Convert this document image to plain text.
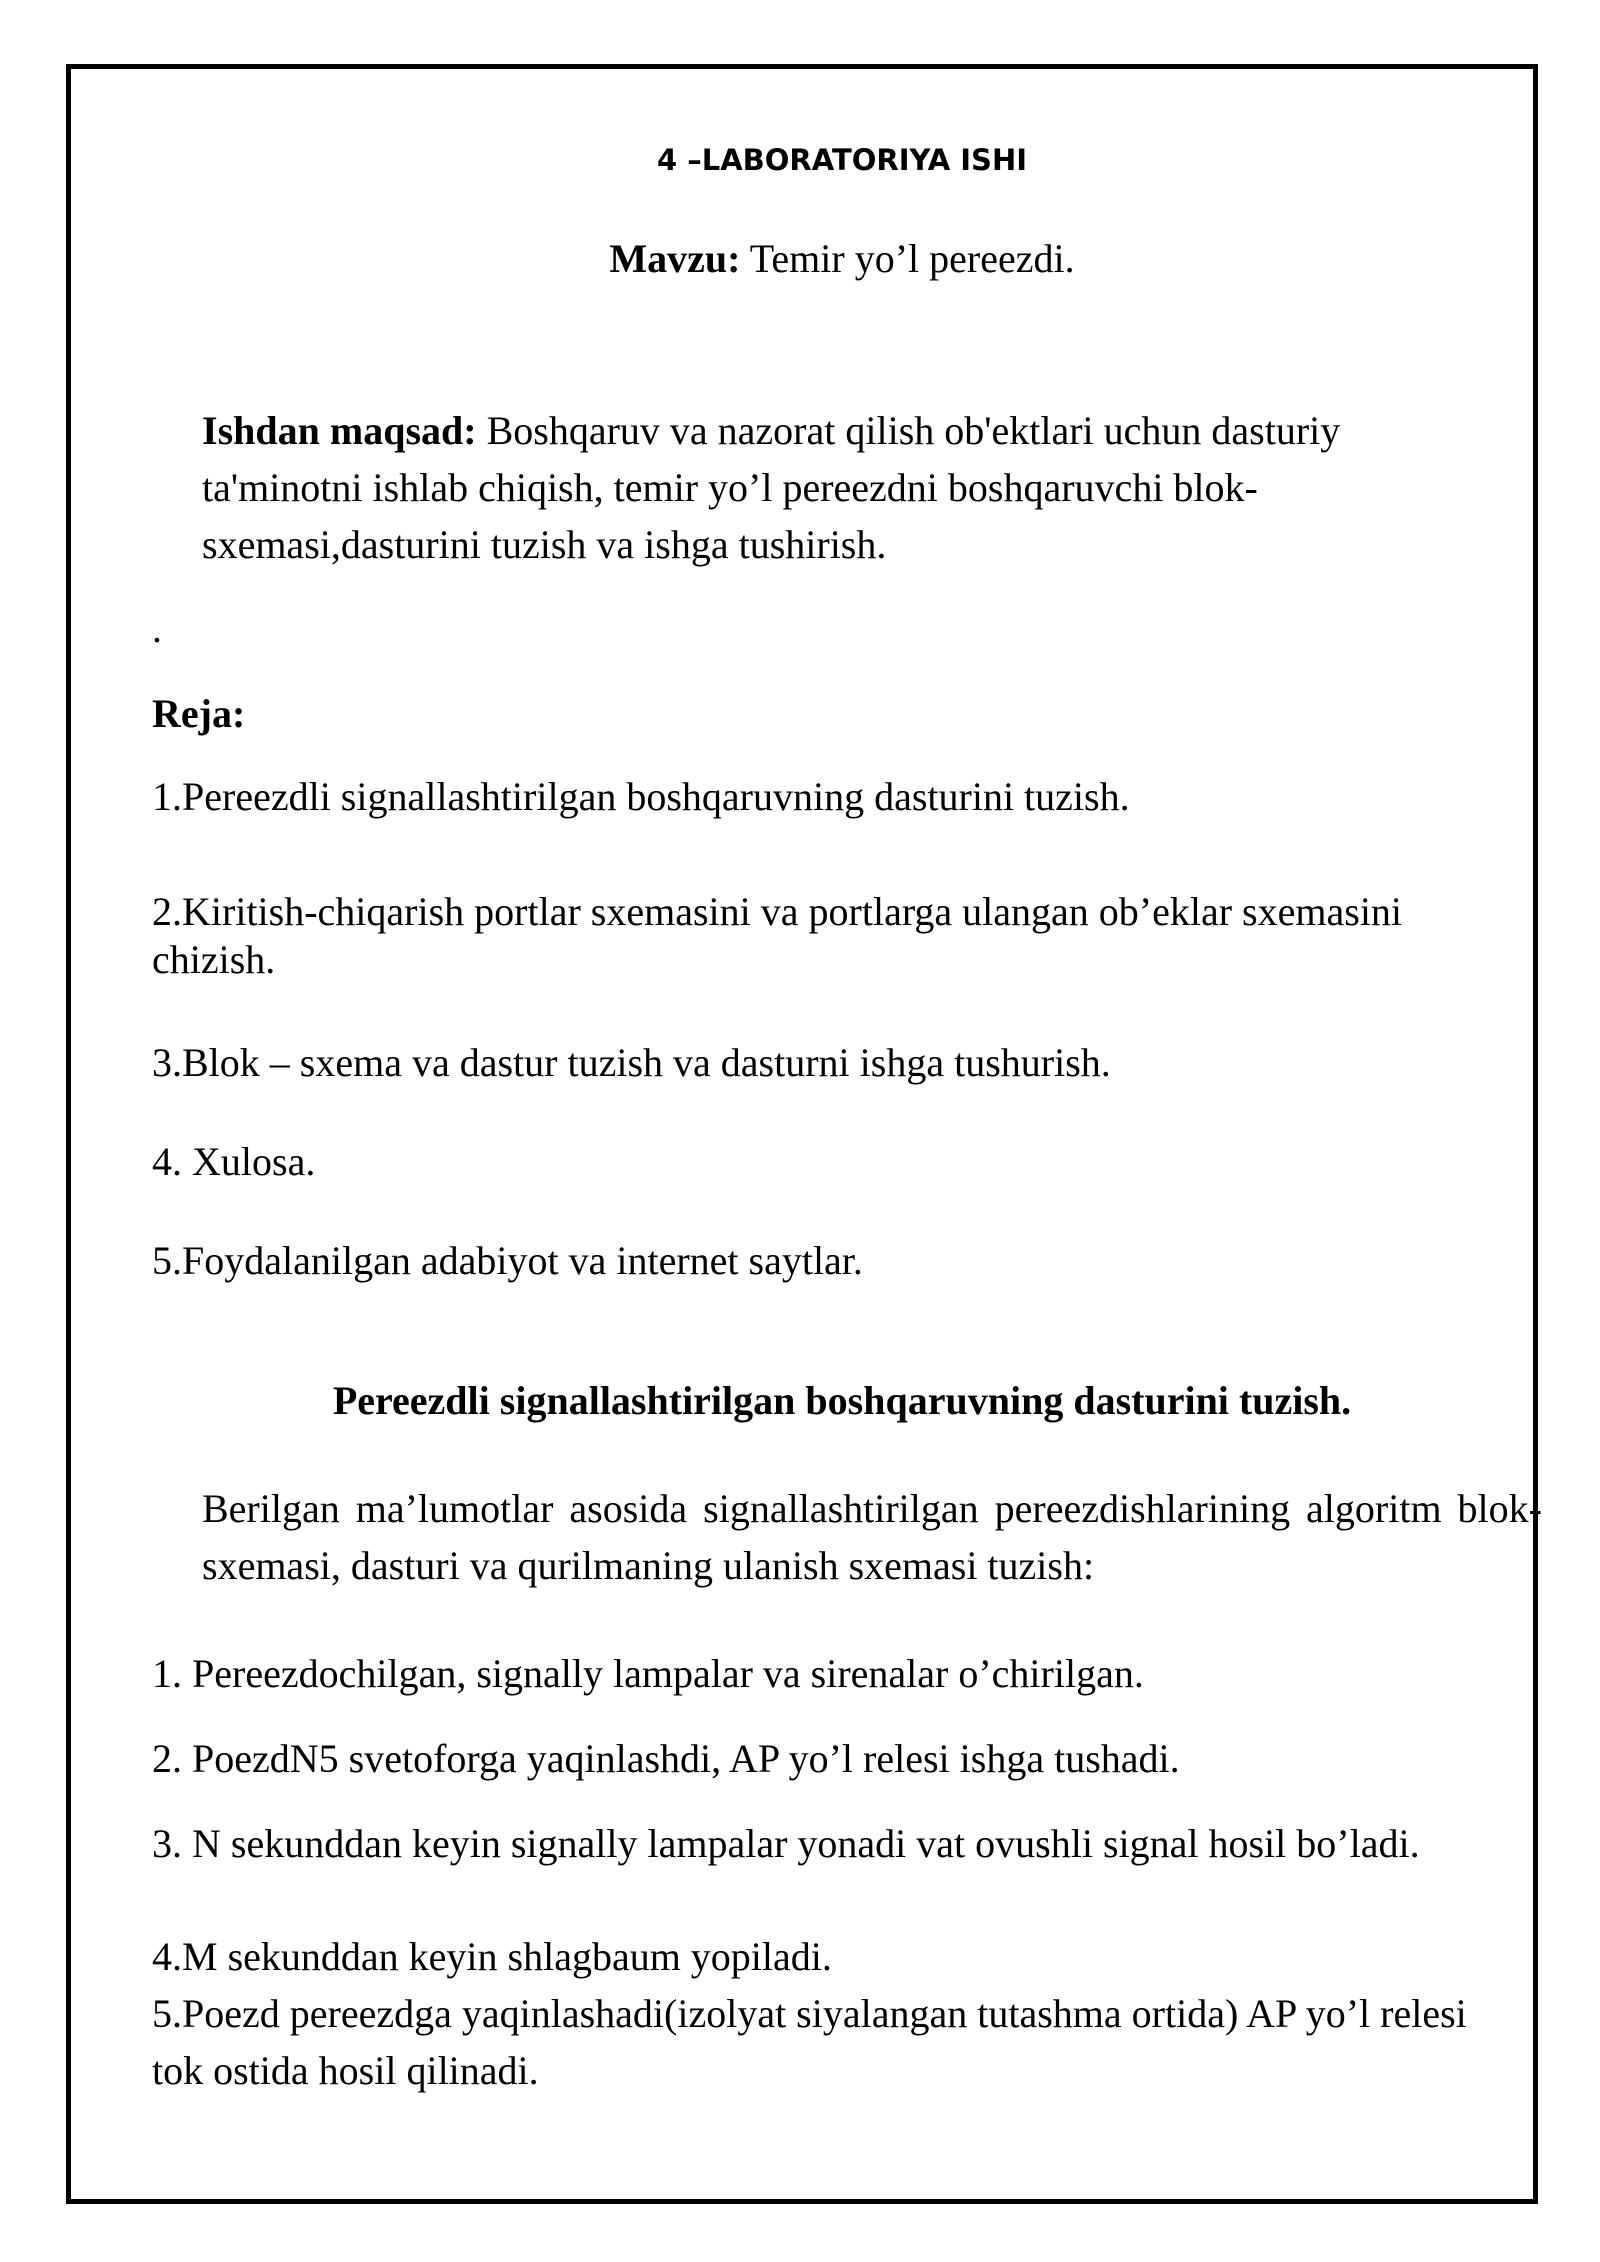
4 –LABORATORIYA ISHI
Mavzu: Temir yo’l pereezdi.
Ishdan maqsad: Boshqaruv va nazorat qilish ob'ektlari uchun dasturiy ta'minotni ishlab chiqish, temir yo’l pereezdni boshqaruvchi blok-sxemasi,dasturini tuzish va ishga tushirish.
.
Reja:
1.Pereezdli signallashtirilgan boshqaruvning dasturini tuzish.
2.Kiritish-chiqarish portlar sxemasini va portlarga ulangan ob’eklar sxemasini chizish.
3.Blok – sxema va dastur tuzish va dasturni ishga tushurish.
4. Xulosa.
5.Foydalanilgan adabiyot va internet saytlar.
Pereezdli signallashtirilgan boshqaruvning dasturini tuzish.
Berilgan ma’lumotlar asosida signallashtirilgan pereezdishlarining algoritm blok-sxemasi, dasturi va qurilmaning ulanish sxemasi tuzish:
1. Pereezdochilgan, signally lampalar va sirenalar o’chirilgan.
2. PoezdN5 svetoforga yaqinlashdi, AP yo’l relesi ishga tushadi.
3. N sekunddan keyin signally lampalar yonadi vat ovushli signal hosil bo’ladi.
4.M sekunddan keyin shlagbaum yopiladi.
5.Poezd pereezdga yaqinlashadi(izolyat siyalangan tutashma ortida) AP yo’l relesi tok ostida hosil qilinadi.
